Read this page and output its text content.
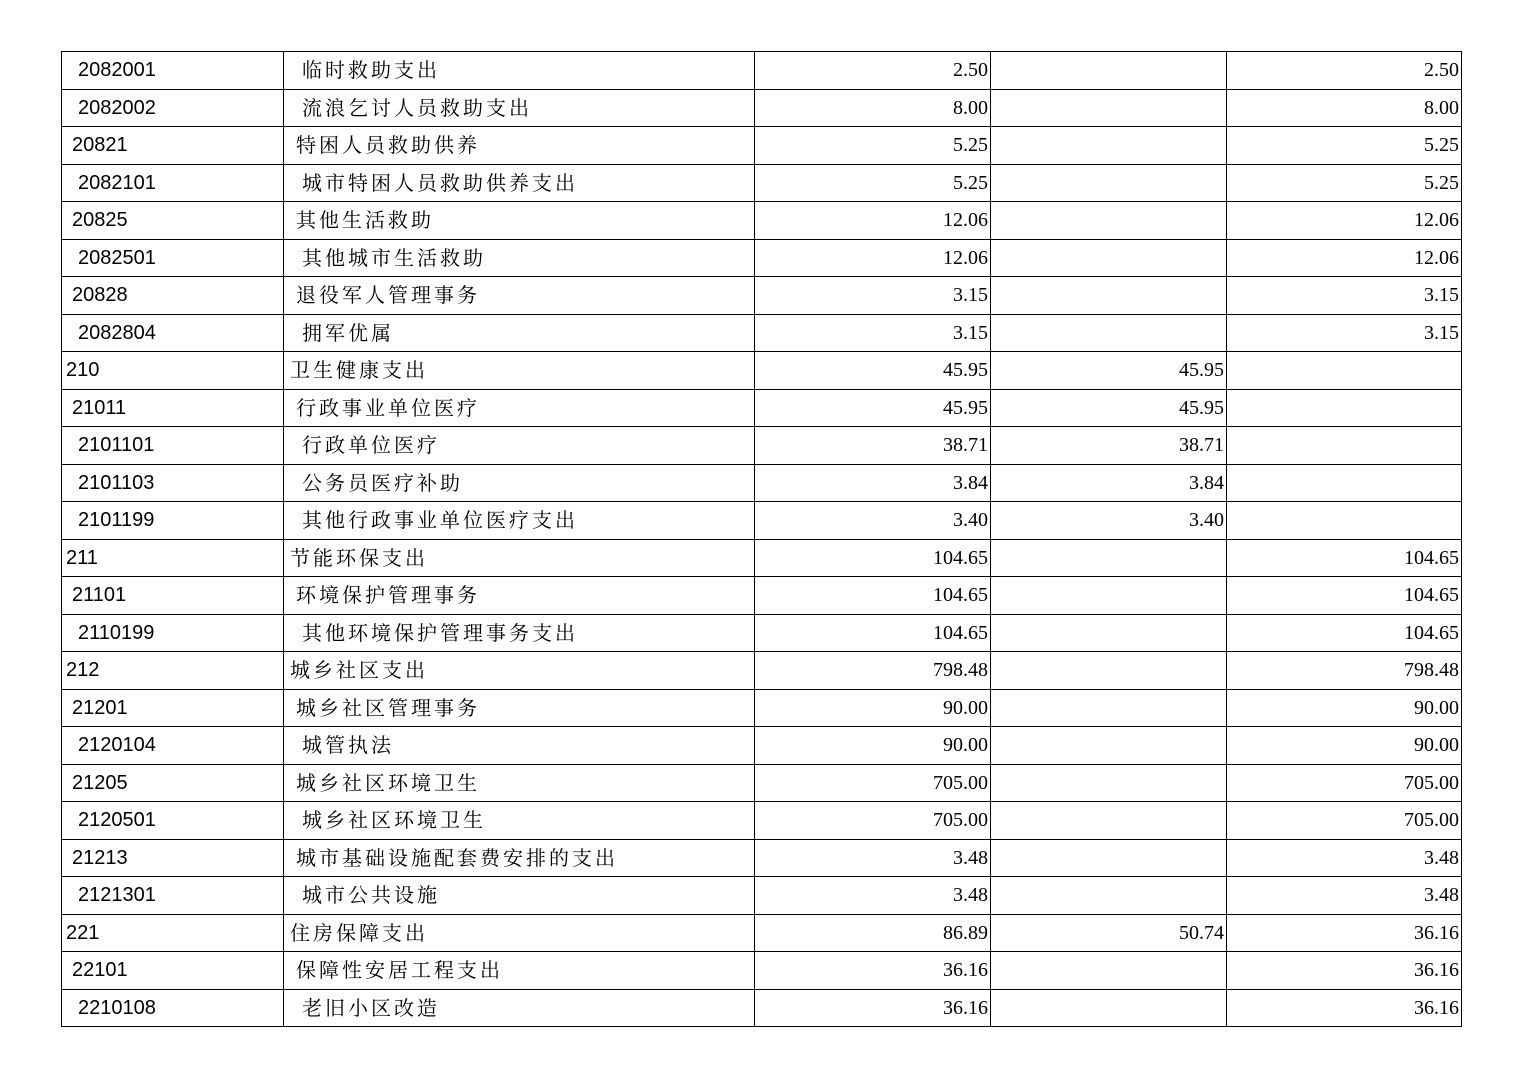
2082001	临时救助支出	2.50		2.50
2082002	流浪乞讨人员救助支出	8.00		8.00
20821	特困人员救助供养	5.25		5.25
2082101	城市特困人员救助供养支出	5.25		5.25
20825	其他生活救助	12.06		12.06
2082501	其他城市生活救助	12.06		12.06
20828	退役军人管理事务	3.15		3.15
2082804	拥军优属	3.15		3.15
210	卫生健康支出	45.95	45.95	
21011	行政事业单位医疗	45.95	45.95	
2101101	行政单位医疗	38.71	38.71	
2101103	公务员医疗补助	3.84	3.84	
2101199	其他行政事业单位医疗支出	3.40	3.40	
211	节能环保支出	104.65		104.65
21101	环境保护管理事务	104.65		104.65
2110199	其他环境保护管理事务支出	104.65		104.65
212	城乡社区支出	798.48		798.48
21201	城乡社区管理事务	90.00		90.00
2120104	城管执法	90.00		90.00
21205	城乡社区环境卫生	705.00		705.00
2120501	城乡社区环境卫生	705.00		705.00
21213	城市基础设施配套费安排的支出	3.48		3.48
2121301	城市公共设施	3.48		3.48
221	住房保障支出	86.89	50.74	36.16
22101	保障性安居工程支出	36.16		36.16
2210108	老旧小区改造	36.16		36.16
